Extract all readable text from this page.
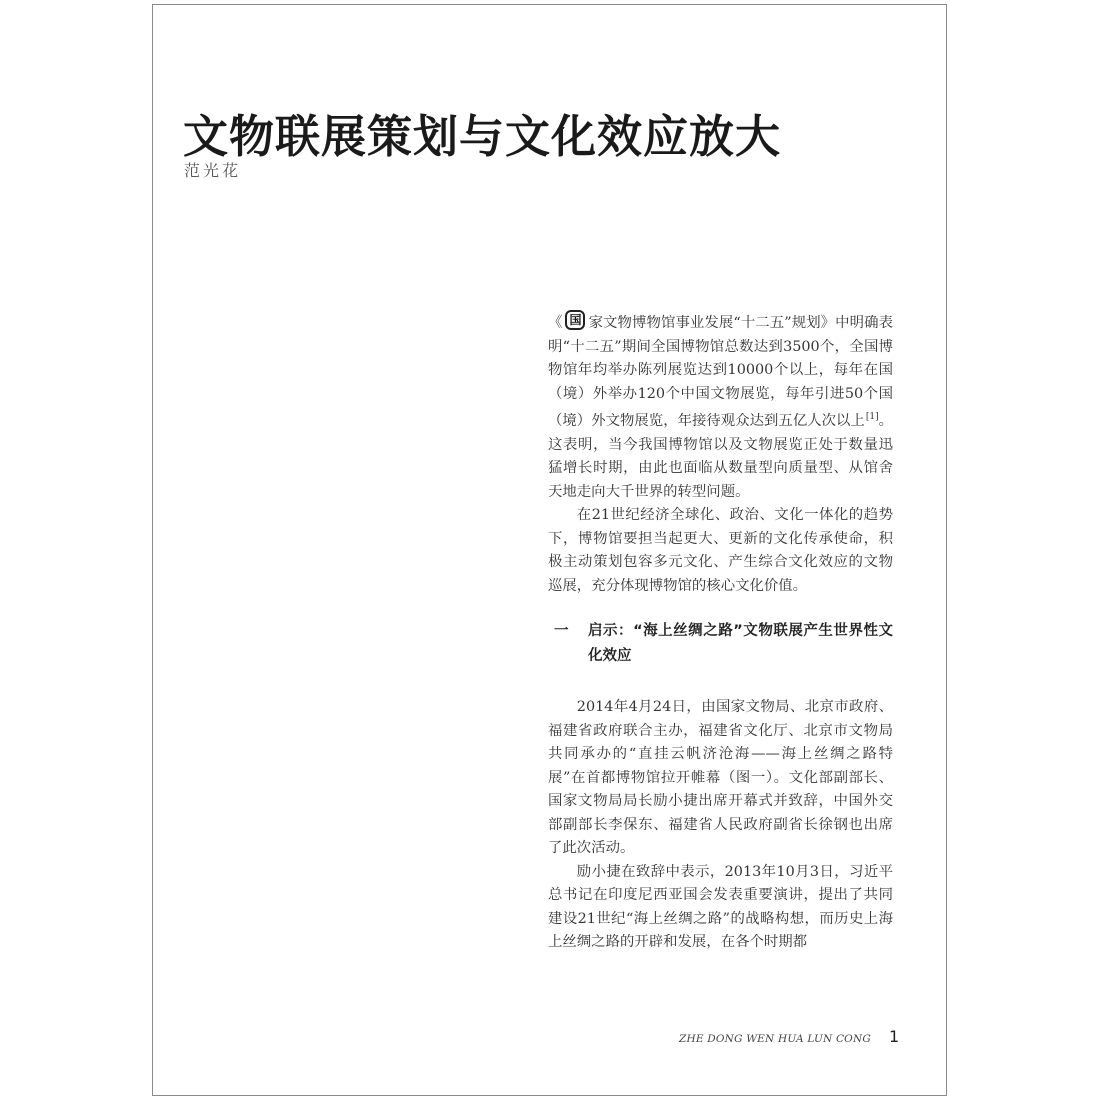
文物联展策划与文化效应放大
范光花

《 国 家文物博物馆事业发展“十二五”规划》中明确表明“十二五”期间全国博物馆总数达到3500个，全国博物馆年均举办陈列展览达到10000个以上，每年在国（境）外举办120个中国文物展览，每年引进50个国（境）外文物展览，年接待观众达到五亿人次以上[1]。这表明，当今我国博物馆以及文物展览正处于数量迅猛增长时期，由此也面临从数量型向质量型、从馆舍天地走向大千世界的转型问题。

在21世纪经济全球化、政治、文化一体化的趋势下，博物馆要担当起更大、更新的文化传承使命，积极主动策划包容多元文化、产生综合文化效应的文物巡展，充分体现博物馆的核心文化价值。

一 启示：“海上丝绸之路”文物联展产生世界性文化效应

2014年4月24日，由国家文物局、北京市政府、福建省政府联合主办，福建省文化厅、北京市文物局共同承办的“直挂云帆济沧海——海上丝绸之路特展”在首都博物馆拉开帷幕（图一）。文化部副部长、国家文物局局长励小捷出席开幕式并致辞，中国外交部副部长李保东、福建省人民政府副省长徐钢也出席了此次活动。

励小捷在致辞中表示，2013年10月3日，习近平总书记在印度尼西亚国会发表重要演讲，提出了共同建设21世纪“海上丝绸之路”的战略构想，而历史上海上丝绸之路的开辟和发展，在各个时期都

ZHE DONG WEN HUA LUN CONG 1
